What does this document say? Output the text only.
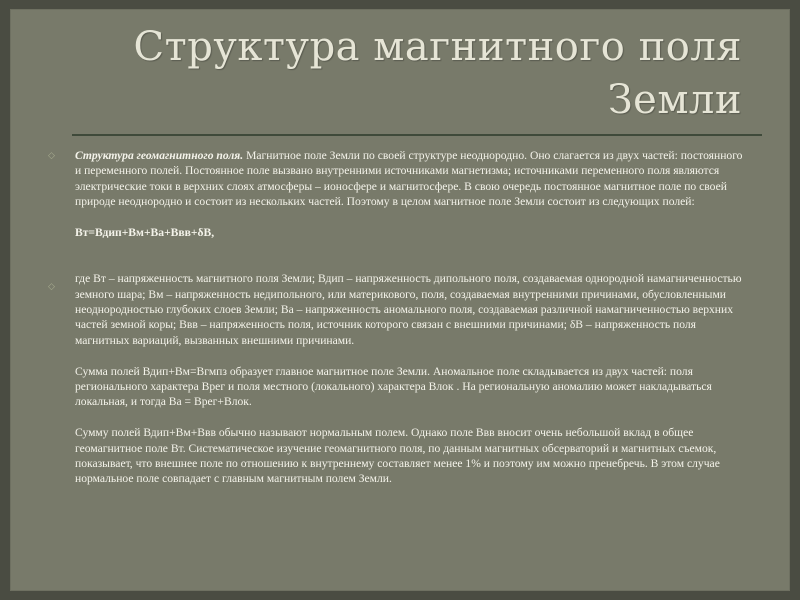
Структура магнитного поля
Земли
◇
◇

Структура геомагнитного поля. Магнитное поле Земли по своей структуре неоднородно. Оно слагается из двух частей: постоянного и переменного полей. Постоянное поле вызвано внутренними источниками магнетизма; источниками переменного поля являются электрические токи в верхних слоях атмосферы – ионосфере и магнитосфере. В свою очередь постоянное магнитное поле по своей природе неоднородно и состоит из нескольких частей. Поэтому в целом магнитное поле Земли состоит из следующих полей:

Вт=Вдип+Вм+Ва+Ввв+δВ,

где Вт – напряженность магнитного поля Земли; Вдип – напряженность дипольного поля, создаваемая однородной намагниченностью земного шара; Вм – напряженность недипольного, или материкового, поля, создаваемая внутренними причинами, обусловленными неоднородностью глубоких слоев Земли; Ва – напряженность аномального поля, создаваемая различной намагниченностью верхних частей земной коры; Ввв – напряженность поля, источник которого связан с внешними причинами; δВ – напряженность поля магнитных вариаций, вызванных внешними причинами.

Сумма полей Вдип+Вм=Вгмпз образует главное магнитное поле Земли. Аномальное поле складывается из двух частей: поля регионального характера Врег и поля местного (локального) характера Влок . На региональную аномалию может накладываться локальная, и тогда Ва = Врег+Влок.

Сумму полей Вдип+Вм+Ввв обычно называют нормальным полем. Однако поле Ввв вносит очень небольшой вклад в общее геомагнитное поле Вт. Систематическое изучение геомагнитного поля, по данным магнитных обсерваторий и магнитных съемок, показывает, что внешнее поле по отношению к внутреннему составляет менее 1% и поэтому им можно пренебречь. В этом случае нормальное поле совпадает с главным магнитным полем Земли.
